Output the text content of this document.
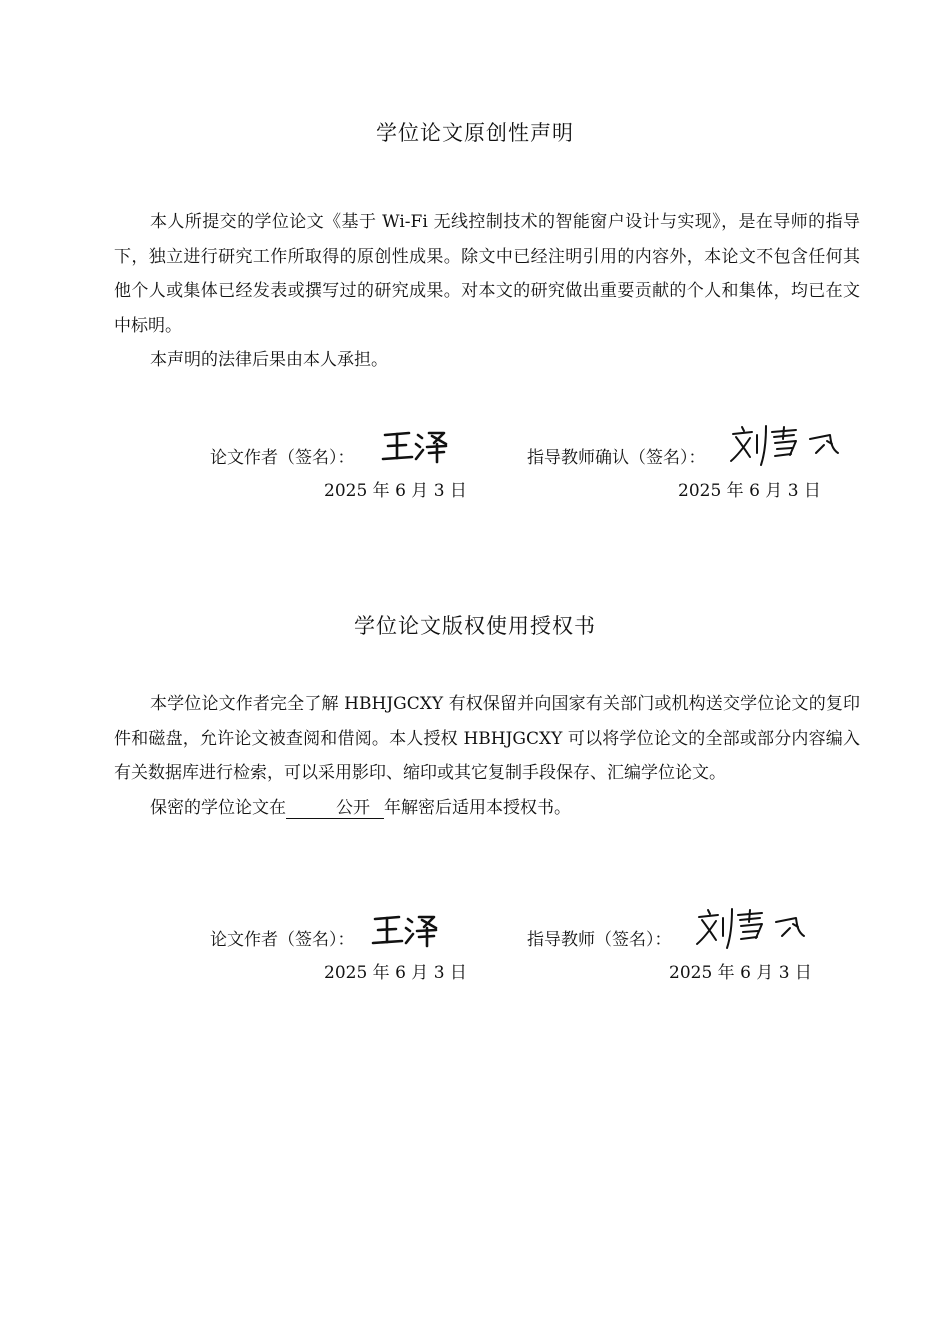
学位论文原创性声明

本人所提交的学位论文《基于 Wi-Fi 无线控制技术的智能窗户设计与实现》，是在导师的指导下，独立进行研究工作所取得的原创性成果。除文中已经注明引用的内容外，本论文不包含任何其他个人或集体已经发表或撰写过的研究成果。对本文的研究做出重要贡献的个人和集体，均已在文中标明。

本声明的法律后果由本人承担。

论文作者（签名）：
2025 年 6 月 3 日
指导教师确认（签名）：
2025 年 6 月 3 日
学位论文版权使用授权书

本学位论文作者完全了解 HBHJGCXY 有权保留并向国家有关部门或机构送交学位论文的复印件和磁盘，允许论文被查阅和借阅。本人授权 HBHJGCXY 可以将学位论文的全部或部分内容编入有关数据库进行检索，可以采用影印、缩印或其它复制手段保存、汇编学位论文。

保密的学位论文在	公开 年解密后适用本授权书。

论文作者（签名）：
2025 年 6 月 3 日
指导教师（签名）：
2025 年 6 月 3 日
